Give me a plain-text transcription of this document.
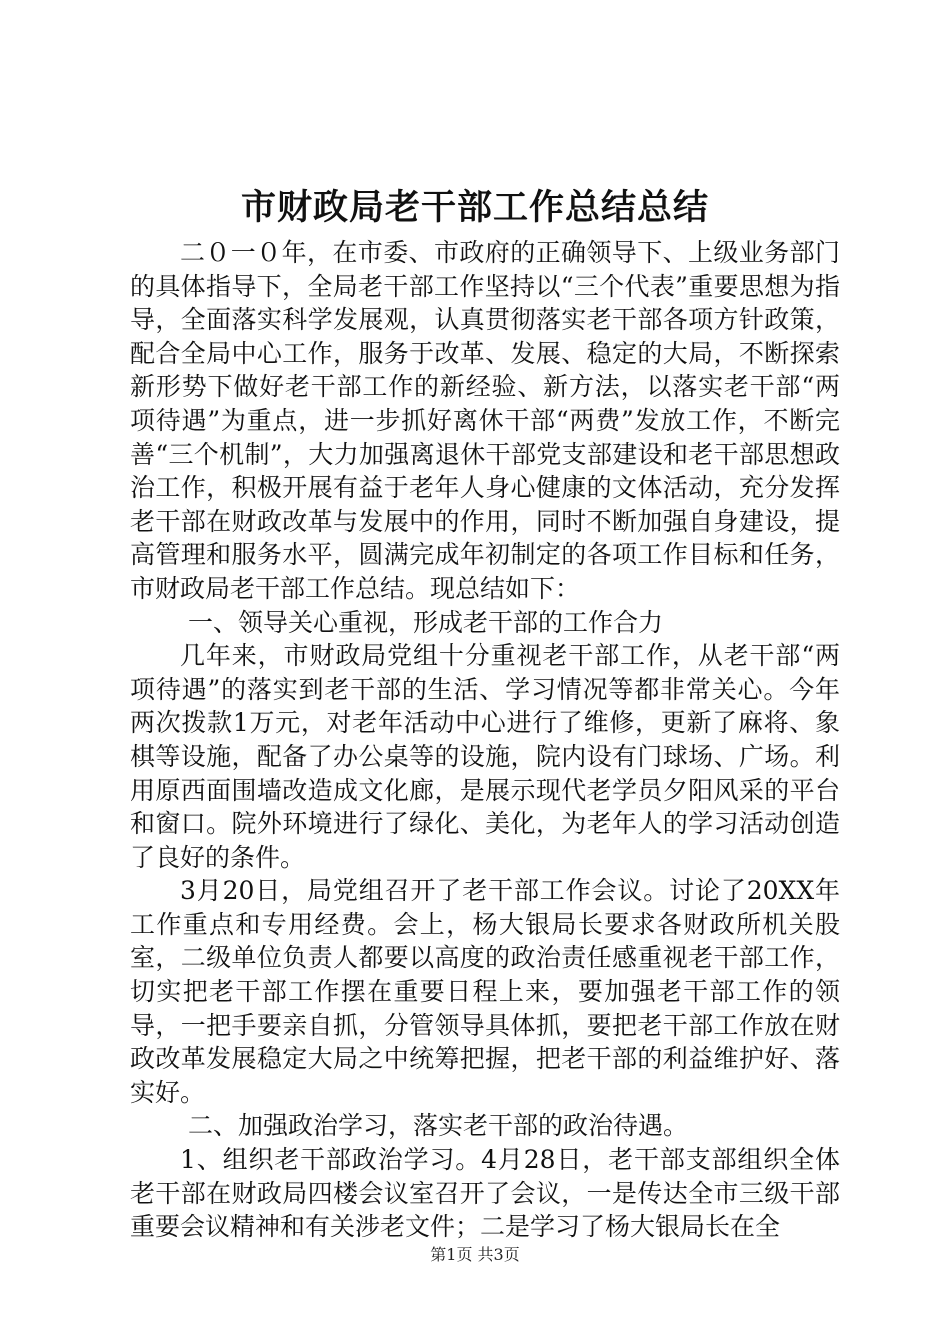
市财政局老干部工作总结总结

二０一０年，在市委、市政府的正确领导下、上级业务部门的具体指导下，全局老干部工作坚持以“三个代表”重要思想为指导，全面落实科学发展观，认真贯彻落实老干部各项方针政策，配合全局中心工作，服务于改革、发展、稳定的大局，不断探索新形势下做好老干部工作的新经验、新方法，以落实老干部“两项待遇”为重点，进一步抓好离休干部“两费”发放工作，不断完善“三个机制”，大力加强离退休干部党支部建设和老干部思想政治工作，积极开展有益于老年人身心健康的文体活动，充分发挥老干部在财政改革与发展中的作用，同时不断加强自身建设，提高管理和服务水平，圆满完成年初制定的各项工作目标和任务，市财政局老干部工作总结。现总结如下：

一、领导关心重视，形成老干部的工作合力

几年来，市财政局党组十分重视老干部工作，从老干部“两项待遇”的落实到老干部的生活、学习情况等都非常关心。今年两次拨款1万元，对老年活动中心进行了维修，更新了麻将、象棋等设施，配备了办公桌等的设施，院内设有门球场、广场。利用原西面围墙改造成文化廊，是展示现代老学员夕阳风采的平台和窗口。院外环境进行了绿化、美化，为老年人的学习活动创造了良好的条件。

3月20日，局党组召开了老干部工作会议。讨论了20XX年工作重点和专用经费。会上，杨大银局长要求各财政所机关股室，二级单位负责人都要以高度的政治责任感重视老干部工作，切实把老干部工作摆在重要日程上来，要加强老干部工作的领导，一把手要亲自抓，分管领导具体抓，要把老干部工作放在财政改革发展稳定大局之中统筹把握，把老干部的利益维护好、落实好。

二、加强政治学习，落实老干部的政治待遇。

1、组织老干部政治学习。4月28日，老干部支部组织全体老干部在财政局四楼会议室召开了会议，一是传达全市三级干部重要会议精神和有关涉老文件；二是学习了杨大银局长在全

第1页 共3页
